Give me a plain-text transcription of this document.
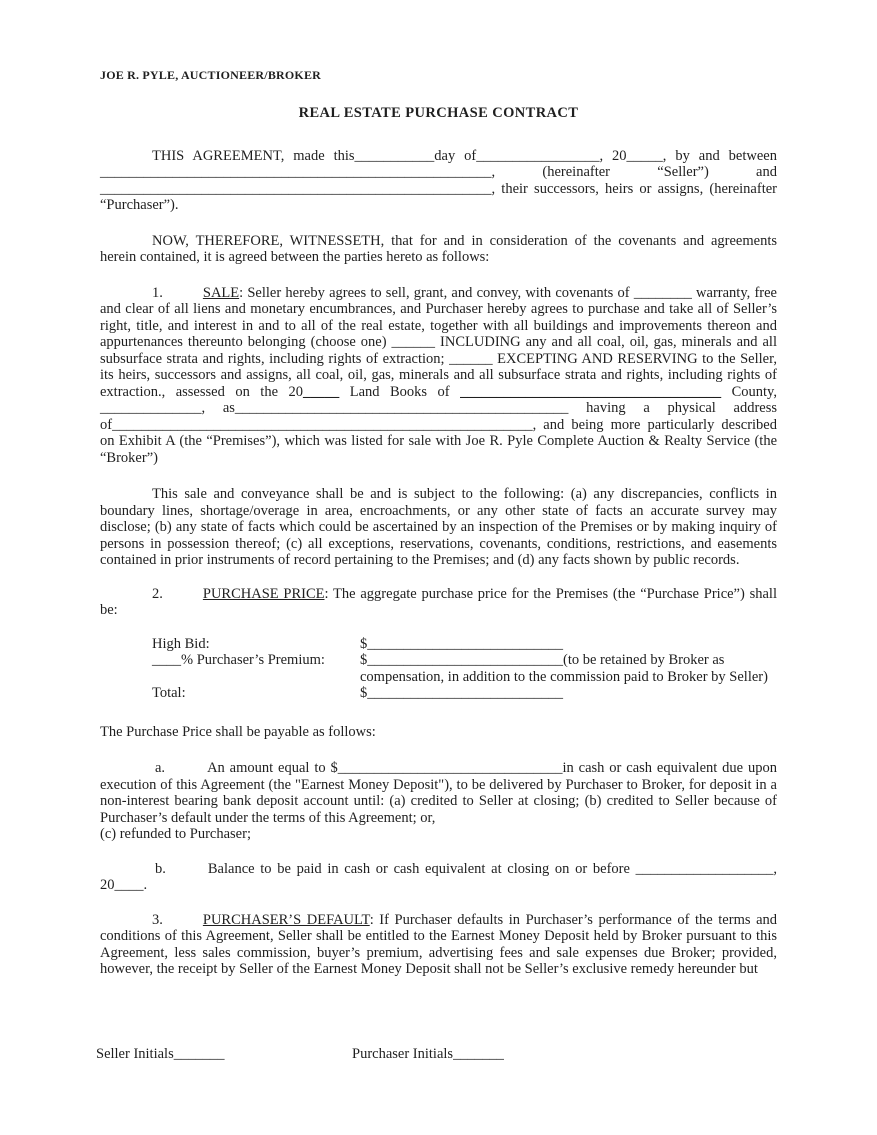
JOE R. PYLE, AUCTIONEER/BROKER
REAL ESTATE PURCHASE CONTRACT

THIS AGREEMENT, made this___________day of_________________, 20_____, by and between ______________________________________________________, (hereinafter “Seller”) and ______________________________________________________, their successors, heirs or assigns, (hereinafter “Purchaser”).

NOW, THEREFORE, WITNESSETH, that for and in consideration of the covenants and agreements herein contained, it is agreed between the parties hereto as follows:

1.	SALE: Seller hereby agrees to sell, grant, and convey, with covenants of ________ warranty, free and clear of all liens and monetary encumbrances, and Purchaser hereby agrees to purchase and take all of Seller’s right, title, and interest in and to all of the real estate, together with all buildings and improvements thereon and appurtenances thereunto belonging (choose one) ______ INCLUDING any and all coal, oil, gas, minerals and all subsurface strata and rights, including rights of extraction; ______ EXCEPTING AND RESERVING to the Seller, its heirs, successors and assigns, all coal, oil, gas, minerals and all subsurface strata and rights, including rights of extraction., assessed on the 20_____ Land Books of ____________________________________ County, ______________, as______________________________________________ having a physical address of__________________________________________________________, and being more particularly described on Exhibit A (the “Premises”), which was listed for sale with Joe R. Pyle Complete Auction & Realty Service (the “Broker”)

This sale and conveyance shall be and is subject to the following: (a) any discrepancies, conflicts in boundary lines, shortage/overage in area, encroachments, or any other state of facts an accurate survey may disclose; (b) any state of facts which could be ascertained by an inspection of the Premises or by making inquiry of persons in possession thereof; (c) all exceptions, reservations, covenants, conditions, restrictions, and easements contained in prior instruments of record pertaining to the Premises; and (d) any facts shown by public records.

2.	PURCHASE PRICE: The aggregate purchase price for the Premises (the “Purchase Price”) shall be:

High Bid:	$___________________________
____% Purchaser’s Premium:	$___________________________(to be retained by Broker as
compensation, in addition to the commission paid to Broker by Seller)
Total:	$___________________________

The Purchase Price shall be payable as follows:

a.	An amount equal to $_______________________________in cash or cash equivalent due upon execution of this Agreement (the "Earnest Money Deposit"), to be delivered by Purchaser to Broker, for deposit in a non-interest bearing bank deposit account until: (a) credited to Seller at closing; (b) credited to Seller because of Purchaser’s default under the terms of this Agreement; or,
(c) refunded to Purchaser;

b.	Balance to be paid in cash or cash equivalent at closing on or before ___________________, 20____.

3.	PURCHASER’S DEFAULT: If Purchaser defaults in Purchaser’s performance of the terms and conditions of this Agreement, Seller shall be entitled to the Earnest Money Deposit held by Broker pursuant to this Agreement, less sales commission, buyer’s premium, advertising fees and sale expenses due Broker; provided, however, the receipt by Seller of the Earnest Money Deposit shall not be Seller’s exclusive remedy hereunder but

Seller Initials_______	Purchaser Initials_______
